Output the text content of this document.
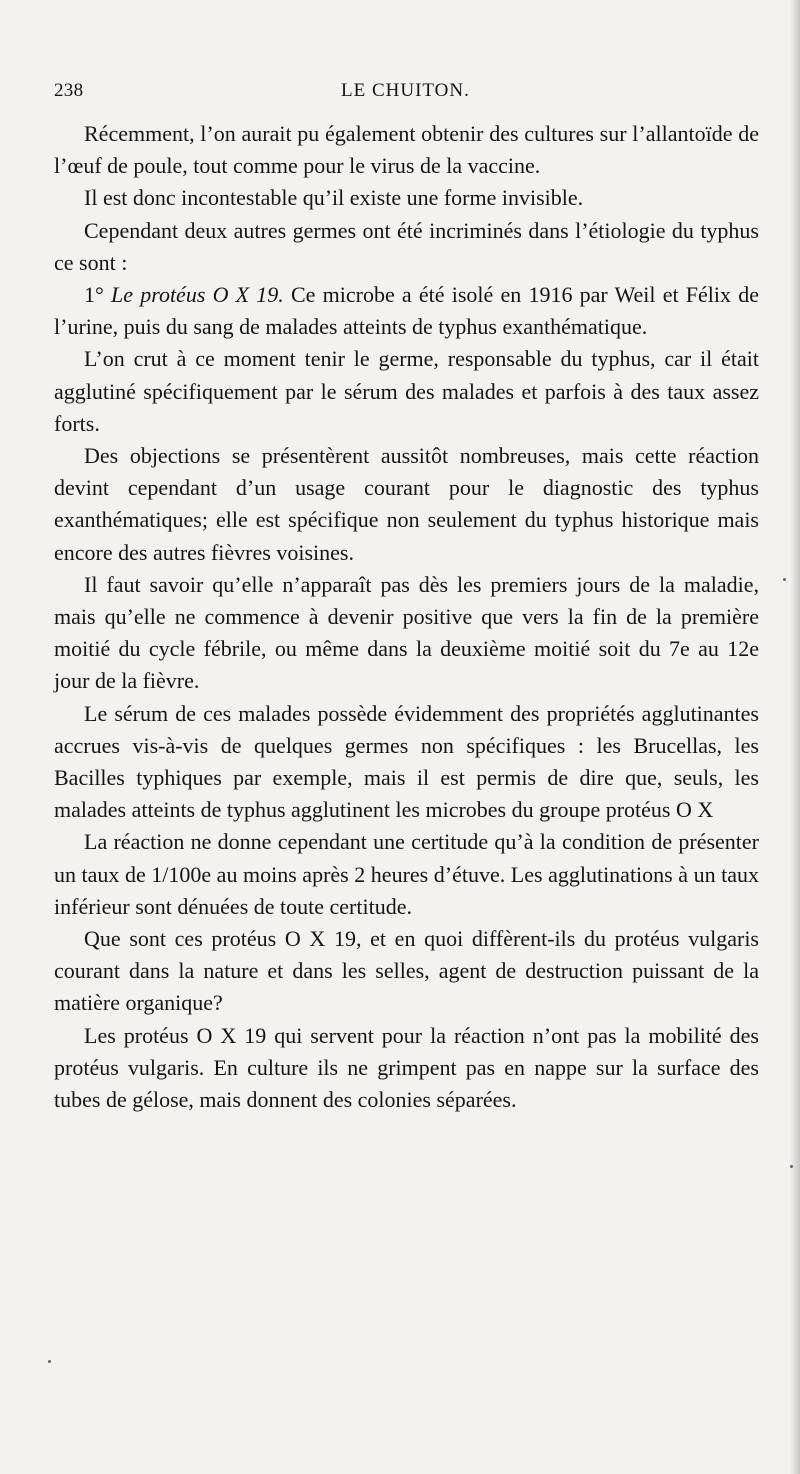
238	LE CHUITON.

Récemment, l’on aurait pu également obtenir des cultures sur l’allantoïde de l’œuf de poule, tout comme pour le virus de la vaccine.

Il est donc incontestable qu’il existe une forme invisible.

Cependant deux autres germes ont été incriminés dans l’étiologie du typhus ce sont :

1° Le protéus O X 19. Ce microbe a été isolé en 1916 par Weil et Félix de l’urine, puis du sang de malades atteints de typhus exanthématique.

L’on crut à ce moment tenir le germe, responsable du typhus, car il était agglutiné spécifiquement par le sérum des malades et parfois à des taux assez forts.

Des objections se présentèrent aussitôt nombreuses, mais cette réaction devint cependant d’un usage courant pour le diagnostic des typhus exanthématiques; elle est spécifique non seulement du typhus historique mais encore des autres fièvres voisines.

Il faut savoir qu’elle n’apparaît pas dès les premiers jours de la maladie, mais qu’elle ne commence à devenir positive que vers la fin de la première moitié du cycle fébrile, ou même dans la deuxième moitié soit du 7e au 12e jour de la fièvre.

Le sérum de ces malades possède évidemment des propriétés agglutinantes accrues vis-à-vis de quelques germes non spécifiques : les Brucellas, les Bacilles typhiques par exemple, mais il est permis de dire que, seuls, les malades atteints de typhus agglutinent les microbes du groupe protéus O X

La réaction ne donne cependant une certitude qu’à la condition de présenter un taux de 1/100e au moins après 2 heures d’étuve. Les agglutinations à un taux inférieur sont dénuées de toute certitude.

Que sont ces protéus O X 19, et en quoi diffèrent-ils du protéus vulgaris courant dans la nature et dans les selles, agent de destruction puissant de la matière organique?

Les protéus O X 19 qui servent pour la réaction n’ont pas la mobilité des protéus vulgaris. En culture ils ne grimpent pas en nappe sur la surface des tubes de gélose, mais donnent des colonies séparées.
